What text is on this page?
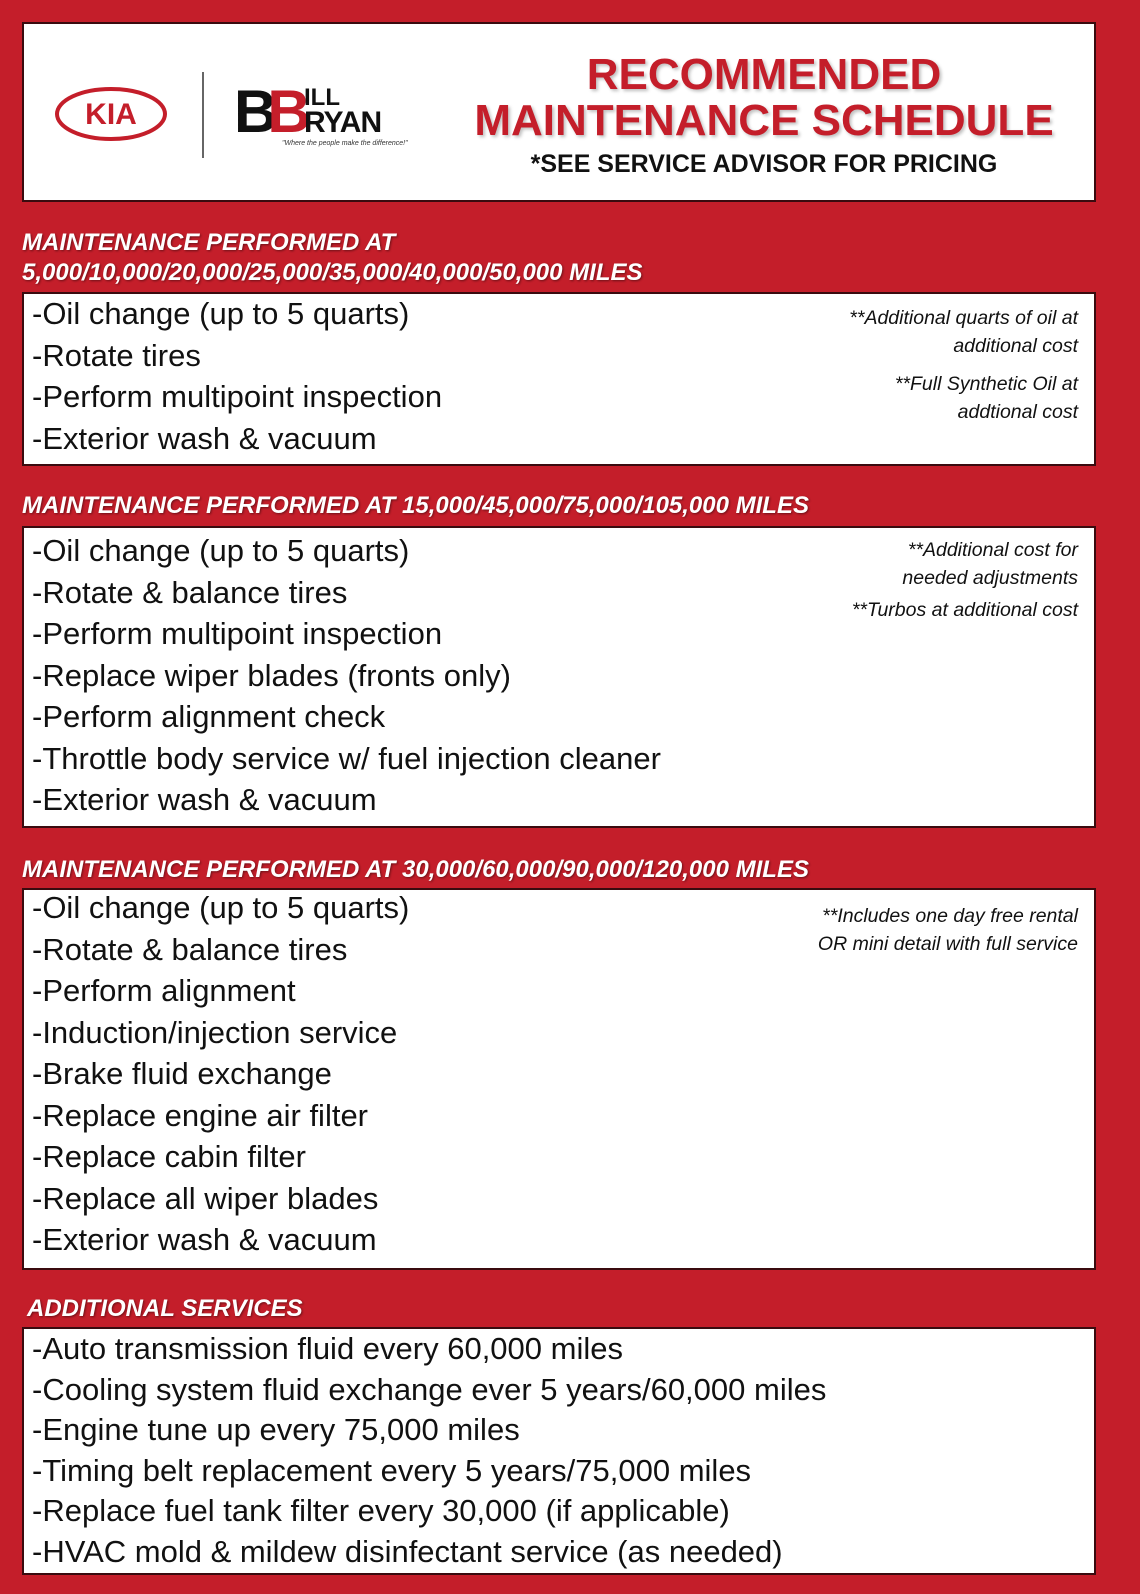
KIA BB ILL
RYAN
"Where the people make the difference!"
RECOMMENDED
MAINTENANCE SCHEDULE
*SEE SERVICE ADVISOR FOR PRICING
MAINTENANCE PERFORMED AT
5,000/10,000/20,000/25,000/35,000/40,000/50,000 MILES
-Oil change (up to 5 quarts)
-Rotate tires
-Perform multipoint inspection
-Exterior wash & vacuum
**Additional quarts of oil at
additional cost
**Full Synthetic Oil at
addtional cost
MAINTENANCE PERFORMED AT 15,000/45,000/75,000/105,000 MILES
-Oil change (up to 5 quarts)
-Rotate & balance tires
-Perform multipoint inspection
-Replace wiper blades (fronts only)
-Perform alignment check
-Throttle body service w/ fuel injection cleaner
-Exterior wash & vacuum
**Additional cost for
needed adjustments
**Turbos at additional cost
MAINTENANCE PERFORMED AT 30,000/60,000/90,000/120,000 MILES
-Oil change (up to 5 quarts)
-Rotate & balance tires
-Perform alignment
-Induction/injection service
-Brake fluid exchange
-Replace engine air filter
-Replace cabin filter
-Replace all wiper blades
-Exterior wash & vacuum
**Includes one day free rental
OR mini detail with full service
ADDITIONAL SERVICES
-Auto transmission fluid every 60,000 miles
-Cooling system fluid exchange ever 5 years/60,000 miles
-Engine tune up every 75,000 miles
-Timing belt replacement every 5 years/75,000 miles
-Replace fuel tank filter every 30,000 (if applicable)
-HVAC mold & mildew disinfectant service (as needed)
